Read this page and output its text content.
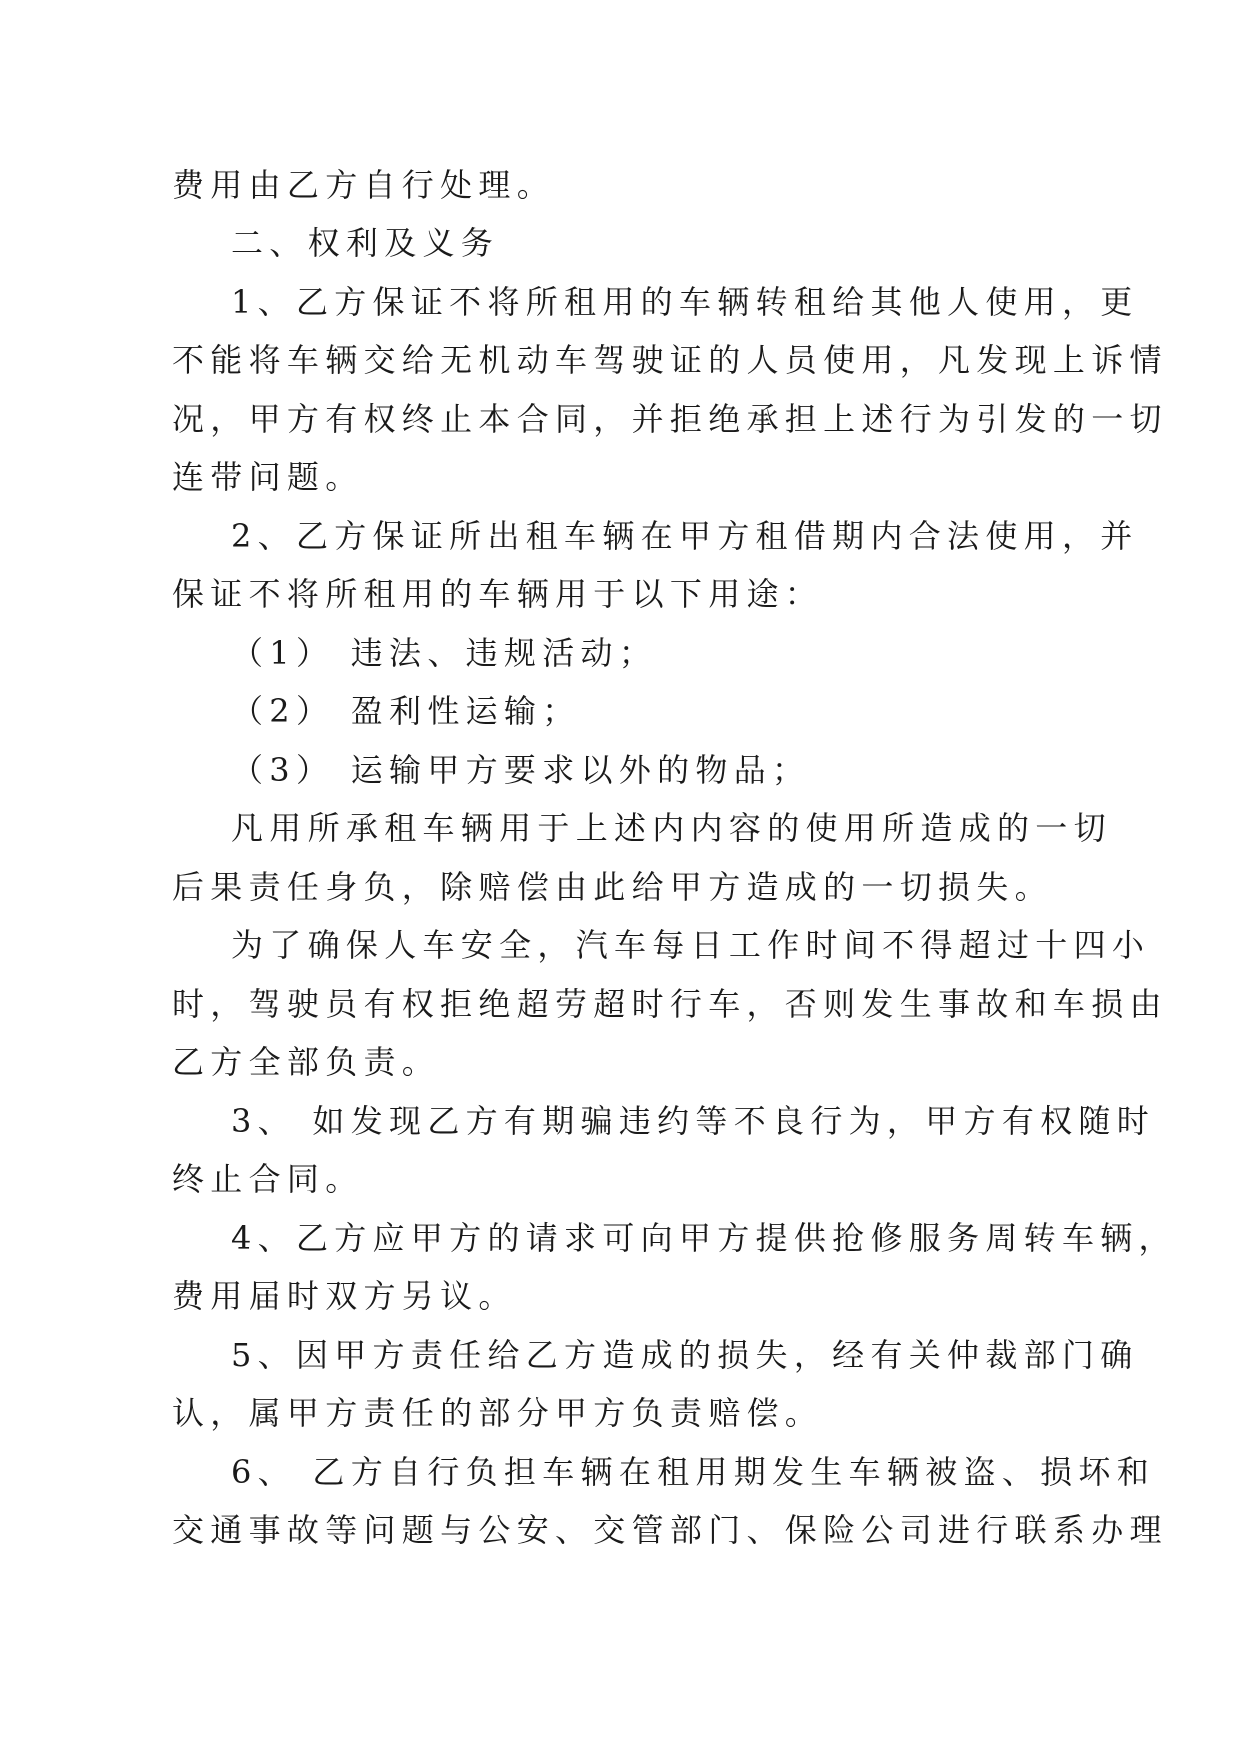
费用由乙方自行处理。
二、权利及义务
1、乙方保证不将所租用的车辆转租给其他人使用，更
不能将车辆交给无机动车驾驶证的人员使用，凡发现上诉情
况，甲方有权终止本合同，并拒绝承担上述行为引发的一切
连带问题。
2、乙方保证所出租车辆在甲方租借期内合法使用，并
保证不将所租用的车辆用于以下用途：
（1） 违法、违规活动；
（2） 盈利性运输；
（3） 运输甲方要求以外的物品；
凡用所承租车辆用于上述内内容的使用所造成的一切
后果责任身负，除赔偿由此给甲方造成的一切损失。
为了确保人车安全，汽车每日工作时间不得超过十四小
时，驾驶员有权拒绝超劳超时行车，否则发生事故和车损由
乙方全部负责。
3、 如发现乙方有期骗违约等不良行为，甲方有权随时
终止合同。
4、乙方应甲方的请求可向甲方提供抢修服务周转车辆，
费用届时双方另议。
5、因甲方责任给乙方造成的损失，经有关仲裁部门确
认，属甲方责任的部分甲方负责赔偿。
6、 乙方自行负担车辆在租用期发生车辆被盗、损坏和
交通事故等问题与公安、交管部门、保险公司进行联系办理
